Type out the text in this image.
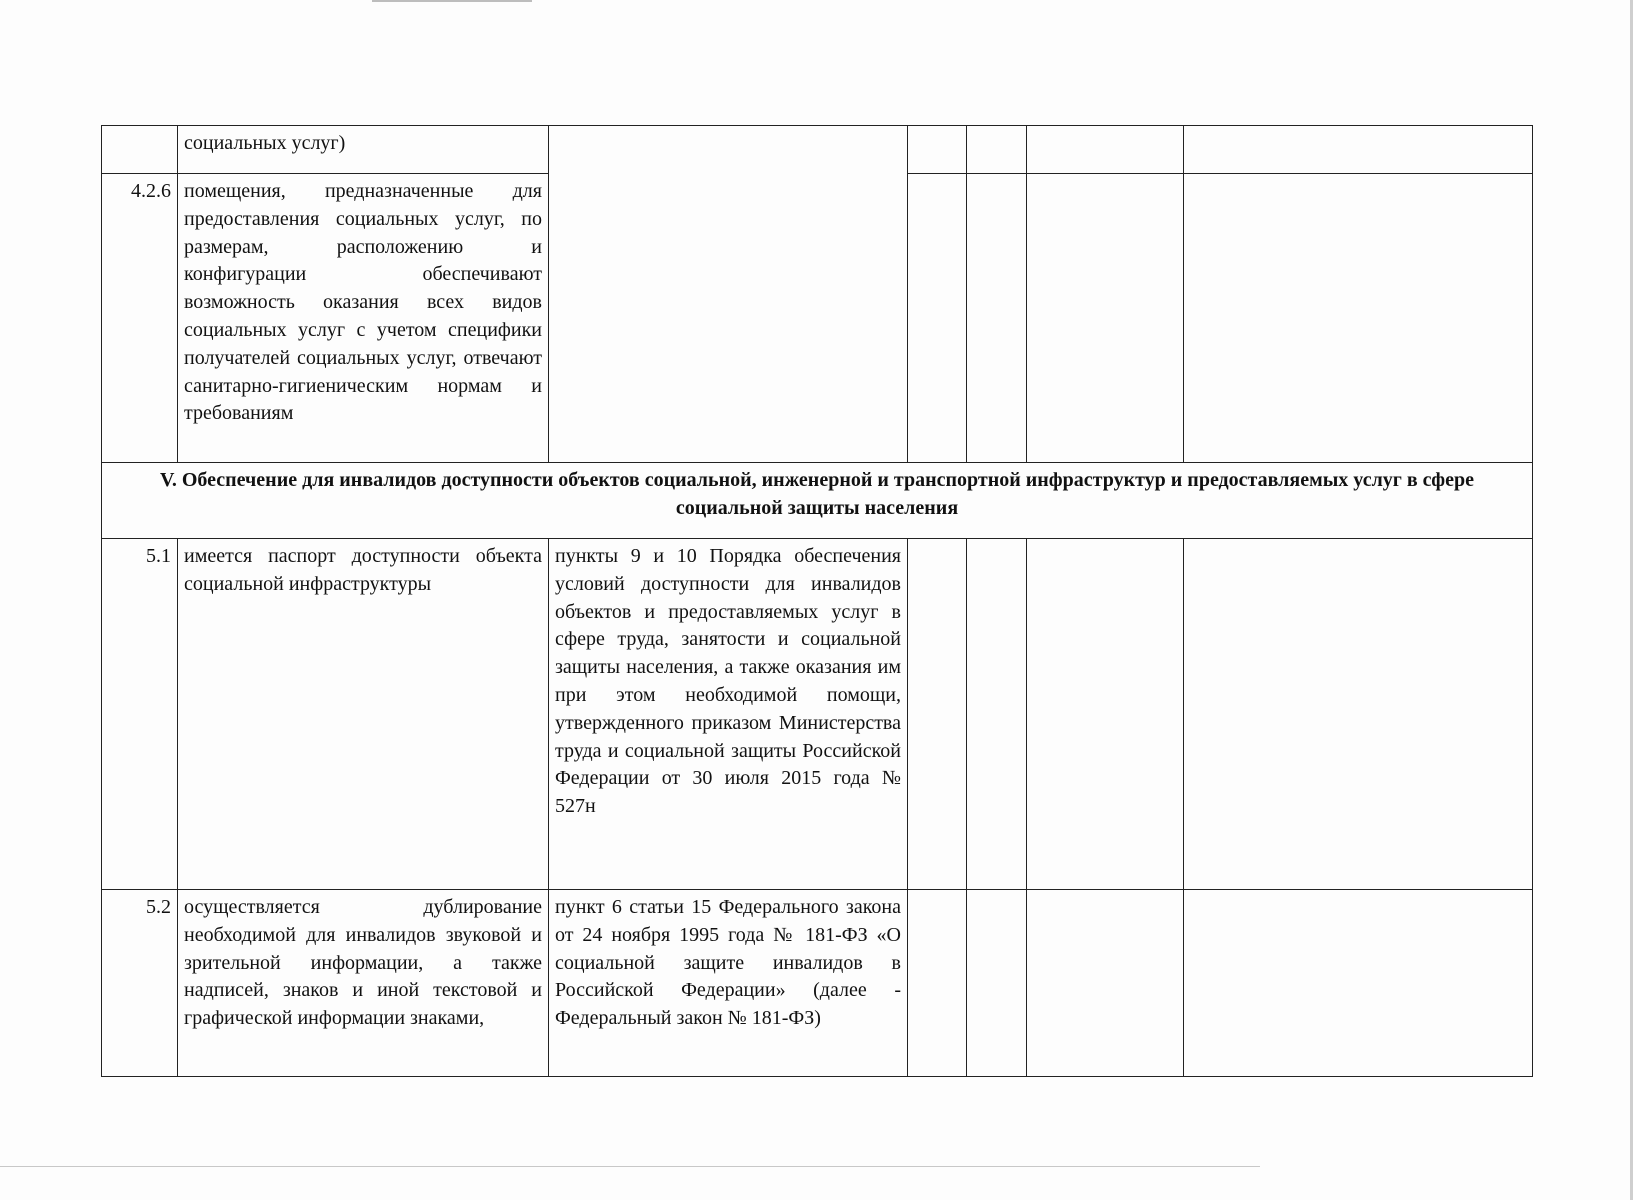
	социальных услуг)					
4.2.6	помещения, предназначенные для предоставления социальных услуг, по размерам, расположению и конфигурации обеспечивают возможность оказания всех видов социальных услуг с учетом специфики получателей социальных услуг, отвечают санитарно-гигиеническим нормам и требованиям					
V. Обеспечение для инвалидов доступности объектов социальной, инженерной и транспортной инфраструктур и предоставляемых услуг в сфере социальной защиты населения						
5.1	имеется паспорт доступности объекта социальной инфраструктуры	пункты 9 и 10 Порядка обеспечения условий доступности для инвалидов объектов и предоставляемых услуг в сфере труда, занятости и социальной защиты населения, а также оказания им при этом необходимой помощи, утвержденного приказом Министерства труда и социальной защиты Российской Федерации от 30 июля 2015 года № 527н				
5.2	осуществляется дублирование необходимой для инвалидов звуковой и зрительной информации, а также надписей, знаков и иной текстовой и графической информации знаками,	пункт 6 статьи 15 Федерального закона от 24 ноября 1995 года № 181-ФЗ «О социальной защите инвалидов в Российской Федерации» (далее - Федеральный закон № 181-ФЗ)				
